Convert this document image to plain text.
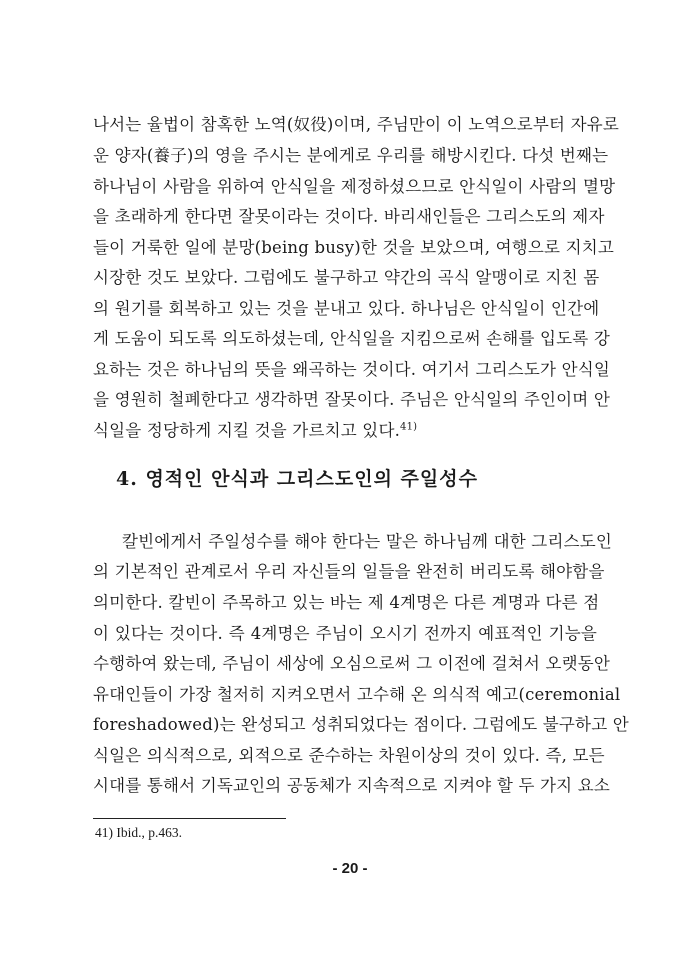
나서는 율법이 참혹한 노역(奴役)이며, 주님만이 이 노역으로부터 자유로
운 양자(養子)의 영을 주시는 분에게로 우리를 해방시킨다. 다섯 번째는
하나님이 사람을 위하여 안식일을 제정하셨으므로 안식일이 사람의 멸망
을 초래하게 한다면 잘못이라는 것이다. 바리새인들은 그리스도의 제자
들이 거룩한 일에 분망(being busy)한 것을 보았으며, 여행으로 지치고
시장한 것도 보았다. 그럼에도 불구하고 약간의 곡식 알맹이로 지친 몸
의 원기를 회복하고 있는 것을 분내고 있다. 하나님은 안식일이 인간에
게 도움이 되도록 의도하셨는데, 안식일을 지킴으로써 손해를 입도록 강
요하는 것은 하나님의 뜻을 왜곡하는 것이다. 여기서 그리스도가 안식일
을 영원히 철폐한다고 생각하면 잘못이다. 주님은 안식일의 주인이며 안
식일을 정당하게 지킬 것을 가르치고 있다.$^{41)}$
4. 영적인 안식과 그리스도인의 주일성수
칼빈에게서 주일성수를 해야 한다는 말은 하나님께 대한 그리스도인
의 기본적인 관계로서 우리 자신들의 일들을 완전히 버리도록 해야함을
의미한다. 칼빈이 주목하고 있는 바는 제 4계명은 다른 계명과 다른 점
이 있다는 것이다. 즉 4계명은 주님이 오시기 전까지 예표적인 기능을
수행하여 왔는데, 주님이 세상에 오심으로써 그 이전에 걸쳐서 오랫동안
유대인들이 가장 철저히 지켜오면서 고수해 온 의식적 예고(ceremonial
foreshadowed)는 완성되고 성취되었다는 점이다. 그럼에도 불구하고 안
식일은 의식적으로, 외적으로 준수하는 차원이상의 것이 있다. 즉, 모든
시대를 통해서 기독교인의 공동체가 지속적으로 지켜야 할 두 가지 요소
41) Ibid., p.463.
- 20 -
